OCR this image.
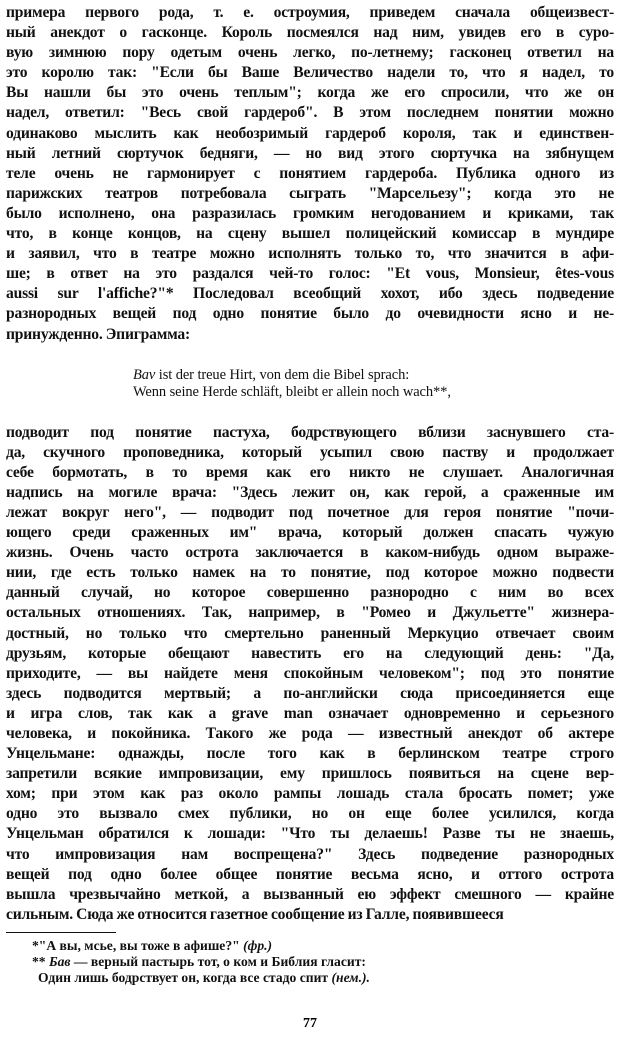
примера первого рода, т. е. остроумия, приведем сначала общеизвест-
ный анекдот о гасконце. Король посмеялся над ним, увидев его в суро-
вую зимнюю пору одетым очень легко, по-летнему; гасконец ответил на
это королю так: "Если бы Ваше Величество надели то, что я надел, то
Вы нашли бы это очень теплым"; когда же его спросили, что же он
надел, ответил: "Весь свой гардероб". В этом последнем понятии можно
одинаково мыслить как необозримый гардероб короля, так и единствен-
ный летний сюртучок бедняги, — но вид этого сюртучка на зябнущем
теле очень не гармонирует с понятием гардероба. Публика одного из
парижских театров потребовала сыграть "Марсельезу"; когда это не
было исполнено, она разразилась громким негодованием и криками, так
что, в конце концов, на сцену вышел полицейский комиссар в мундире
и заявил, что в театре можно исполнять только то, что значится в афи-
ше; в ответ на это раздался чей-то голос: "Et vous, Monsieur, êtes-vous
aussi sur l'affiche?"* Последовал всеобщий хохот, ибо здесь подведение
разнородных вещей под одно понятие было до очевидности ясно и не-
принужденно. Эпиграмма:
Bav ist der treue Hirt, von dem die Bibel sprach:
Wenn seine Herde schläft, bleibt er allein noch wach**,
подводит под понятие пастуха, бодрствующего вблизи заснувшего ста-
да, скучного проповедника, который усыпил свою паству и продолжает
себе бормотать, в то время как его никто не слушает. Аналогичная
надпись на могиле врача: "Здесь лежит он, как герой, а сраженные им
лежат вокруг него", — подводит под почетное для героя понятие "почи-
ющего среди сраженных им" врача, который должен спасать чужую
жизнь. Очень часто острота заключается в каком-нибудь одном выраже-
нии, где есть только намек на то понятие, под которое можно подвести
данный случай, но которое совершенно разнородно с ним во всех
остальных отношениях. Так, например, в "Ромео и Джульетте" жизнера-
достный, но только что смертельно раненный Меркуцио отвечает своим
друзьям, которые обещают навестить его на следующий день: "Да,
приходите, — вы найдете меня спокойным человеком"; под это понятие
здесь подводится мертвый; а по-английски сюда присоединяется еще
и игра слов, так как a grave man означает одновременно и серьезного
человека, и покойника. Такого же рода — известный анекдот об актере
Унцельмане: однажды, после того как в берлинском театре строго
запретили всякие импровизации, ему пришлось появиться на сцене вер-
хом; при этом как раз около рампы лошадь стала бросать помет; уже
одно это вызвало смех публики, но он еще более усилился, когда
Унцельман обратился к лошади: "Что ты делаешь! Разве ты не знаешь,
что импровизация нам воспрещена?" Здесь подведение разнородных
вещей под одно более общее понятие весьма ясно, и оттого острота
вышла чрезвычайно меткой, а вызванный ею эффект смешного — крайне
сильным. Сюда же относится газетное сообщение из Галле, появившееся
*"А вы, мсье, вы тоже в афише?" (фр.)
** Бав — верный пастырь тот, о ком и Библия гласит:
Один лишь бодрствует он, когда все стадо спит (нем.).
77
